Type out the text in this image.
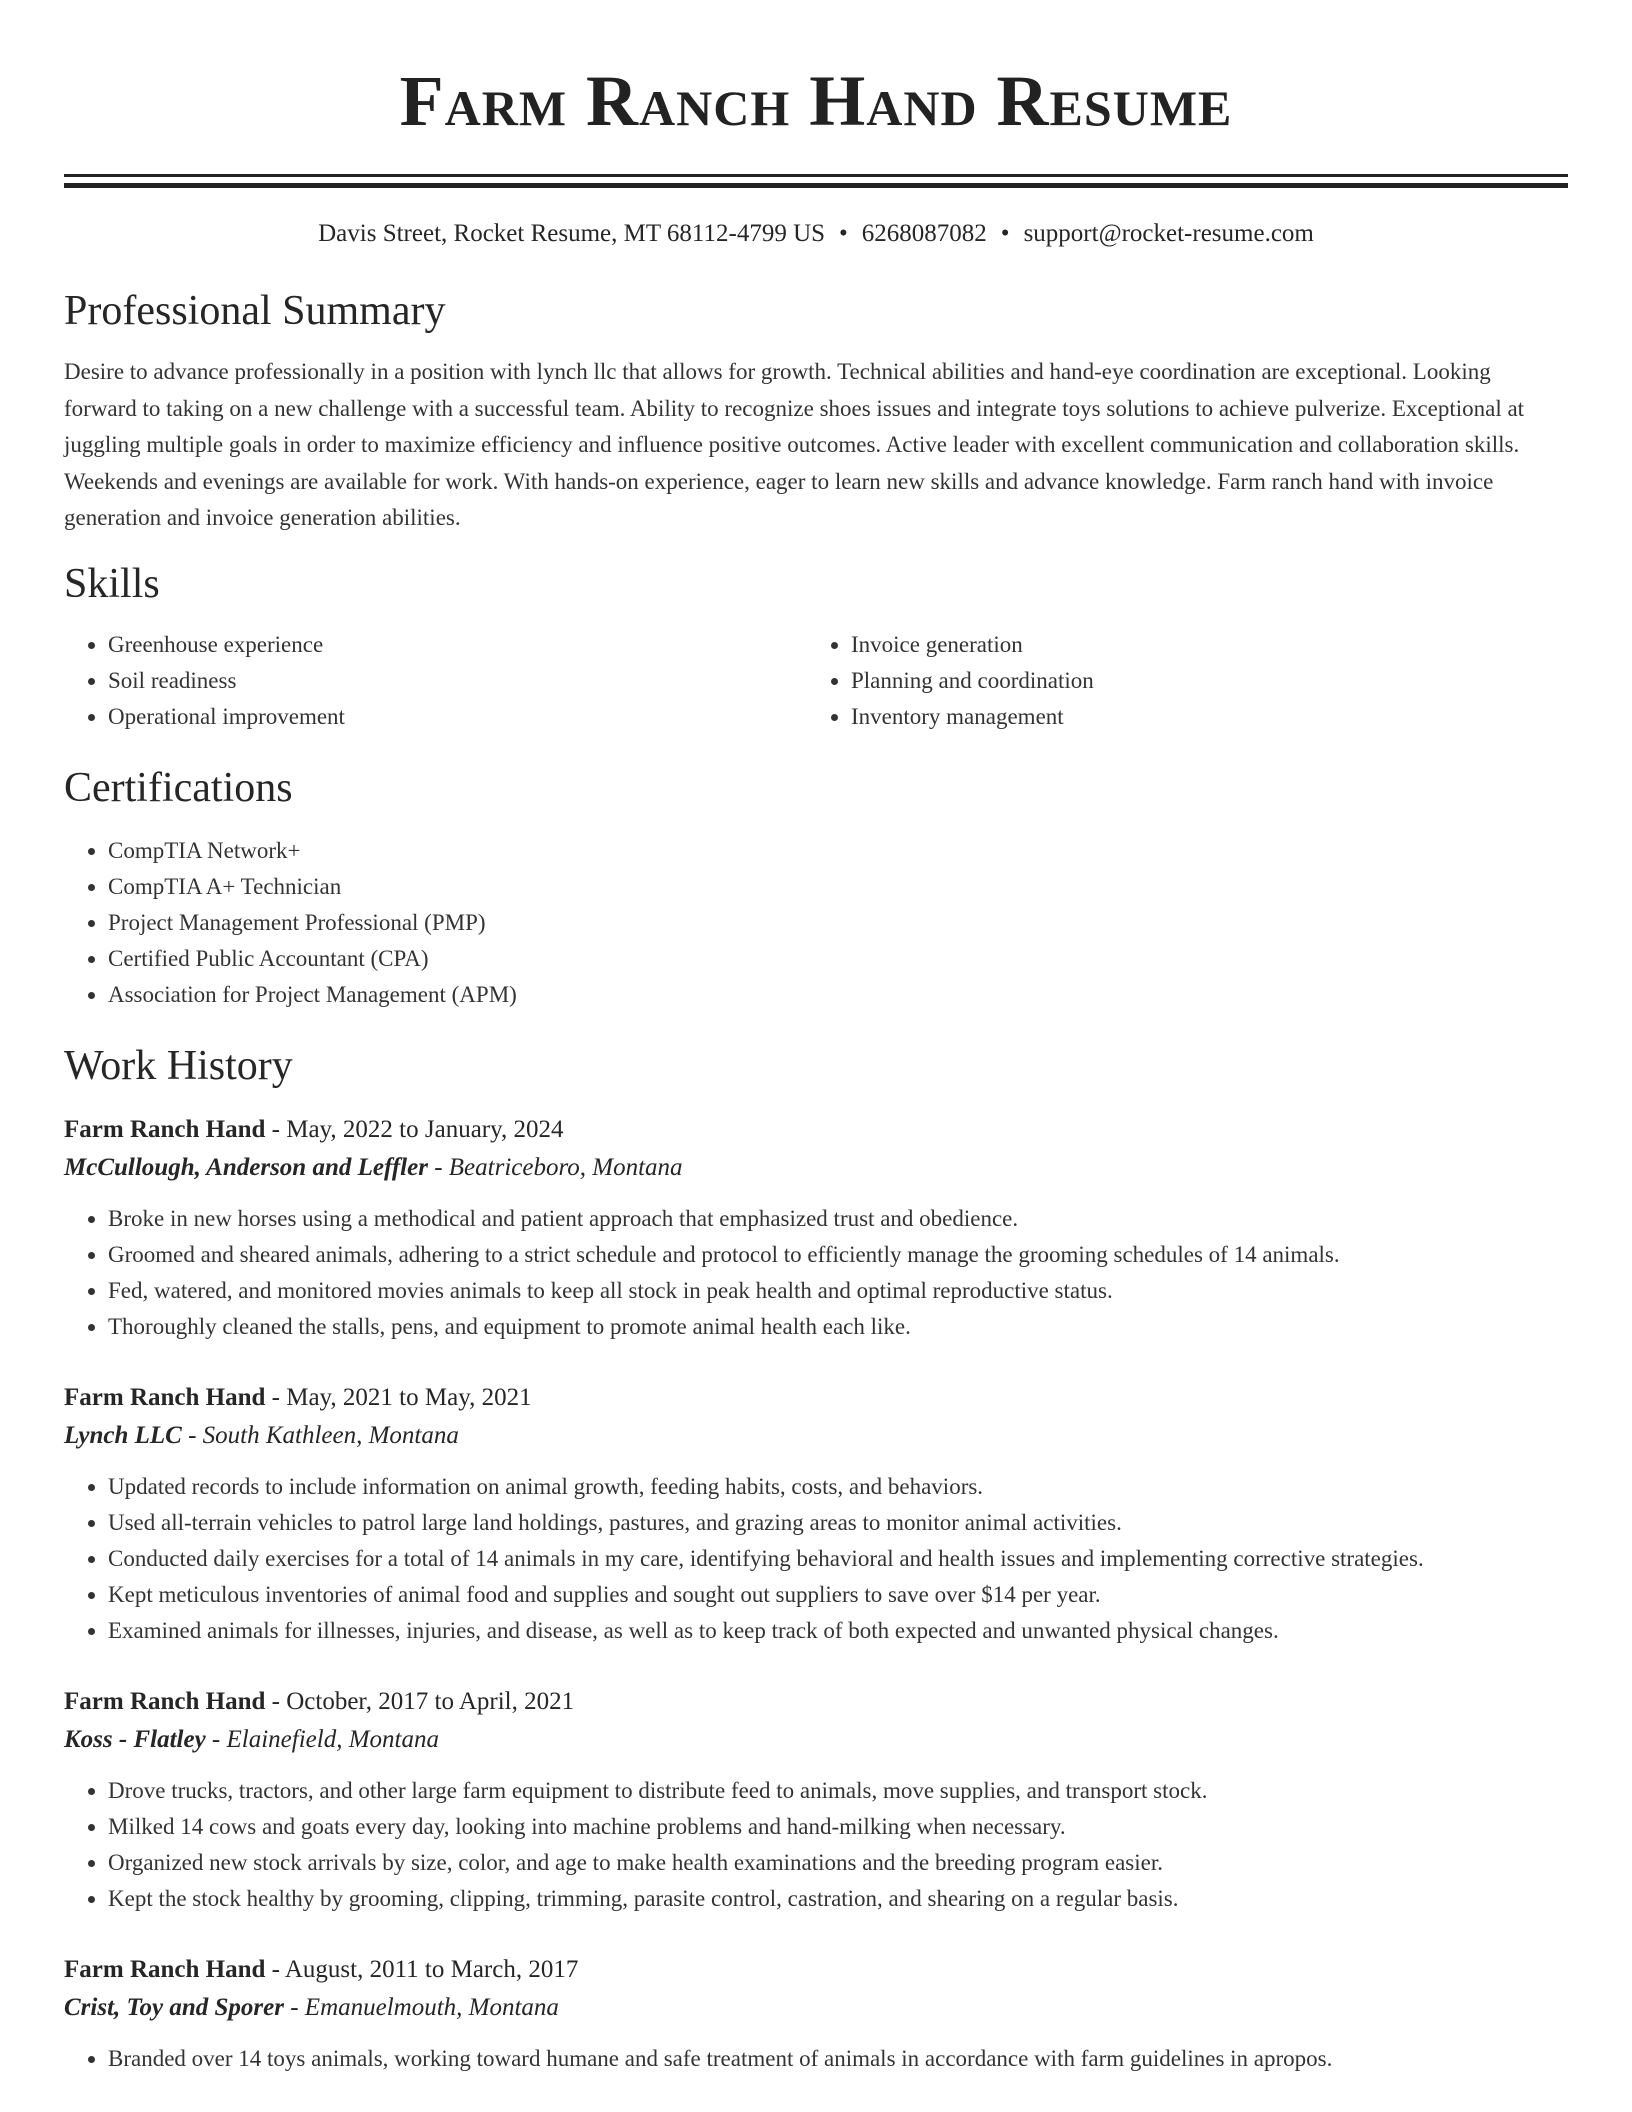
Farm Ranch Hand Resume
Davis Street, Rocket Resume, MT 68112-4799 US • 6268087082 • support@rocket-resume.com
Professional Summary

Desire to advance professionally in a position with lynch llc that allows for growth. Technical abilities and hand-eye coordination are exceptional. Looking forward to taking on a new challenge with a successful team. Ability to recognize shoes issues and integrate toys solutions to achieve pulverize. Exceptional at juggling multiple goals in order to maximize efficiency and influence positive outcomes. Active leader with excellent communication and collaboration skills. Weekends and evenings are available for work. With hands-on experience, eager to learn new skills and advance knowledge. Farm ranch hand with invoice generation and invoice generation abilities.

Skills
• Greenhouse experience
• Soil readiness
• Operational improvement
• Invoice generation
• Planning and coordination
• Inventory management
Certifications
• CompTIA Network+
• CompTIA A+ Technician
• Project Management Professional (PMP)
• Certified Public Accountant (CPA)
• Association for Project Management (APM)
Work History
Farm Ranch Hand - May, 2022 to January, 2024
McCullough, Anderson and Leffler - Beatriceboro, Montana
• Broke in new horses using a methodical and patient approach that emphasized trust and obedience.
• Groomed and sheared animals, adhering to a strict schedule and protocol to efficiently manage the grooming schedules of 14 animals.
• Fed, watered, and monitored movies animals to keep all stock in peak health and optimal reproductive status.
• Thoroughly cleaned the stalls, pens, and equipment to promote animal health each like.
Farm Ranch Hand - May, 2021 to May, 2021
Lynch LLC - South Kathleen, Montana
• Updated records to include information on animal growth, feeding habits, costs, and behaviors.
• Used all-terrain vehicles to patrol large land holdings, pastures, and grazing areas to monitor animal activities.
• Conducted daily exercises for a total of 14 animals in my care, identifying behavioral and health issues and implementing corrective strategies.
• Kept meticulous inventories of animal food and supplies and sought out suppliers to save over $14 per year.
• Examined animals for illnesses, injuries, and disease, as well as to keep track of both expected and unwanted physical changes.
Farm Ranch Hand - October, 2017 to April, 2021
Koss - Flatley - Elainefield, Montana
• Drove trucks, tractors, and other large farm equipment to distribute feed to animals, move supplies, and transport stock.
• Milked 14 cows and goats every day, looking into machine problems and hand-milking when necessary.
• Organized new stock arrivals by size, color, and age to make health examinations and the breeding program easier.
• Kept the stock healthy by grooming, clipping, trimming, parasite control, castration, and shearing on a regular basis.
Farm Ranch Hand - August, 2011 to March, 2017
Crist, Toy and Sporer - Emanuelmouth, Montana
• Branded over 14 toys animals, working toward humane and safe treatment of animals in accordance with farm guidelines in apropos.
